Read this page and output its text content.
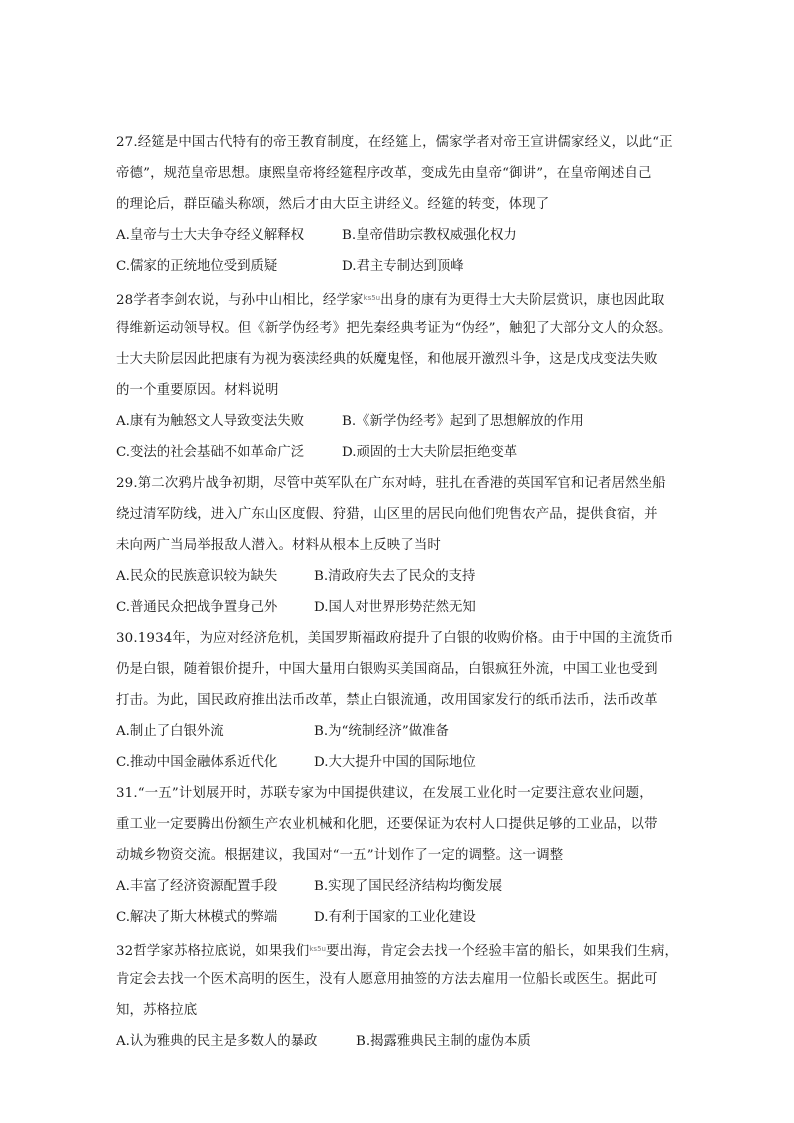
27.经筵是中国古代特有的帝王教育制度，在经筵上，儒家学者对帝王宣讲儒家经义，以此“正
帝德”，规范皇帝思想。康熙皇帝将经筵程序改革，变成先由皇帝“御讲”，在皇帝阐述自己
的理论后，群臣磕头称颂，然后才由大臣主讲经义。经筵的转变，体现了
A.皇帝与士大夫争夺经义解释权	B.皇帝借助宗教权威强化权力
C.儒家的正统地位受到质疑	D.君主专制达到顶峰
28学者李剑农说，与孙中山相比，经学家$^{ks5u}$出身的康有为更得士大夫阶层赏识，康也因此取
得维新运动领导权。但《新学伪经考》把先秦经典考证为“伪经”，触犯了大部分文人的众怒。
士大夫阶层因此把康有为视为亵渎经典的妖魔鬼怪，和他展开激烈斗争，这是戊戌变法失败
的一个重要原因。材料说明
A.康有为触怒文人导致变法失败	B.《新学伪经考》起到了思想解放的作用
C.变法的社会基础不如革命广泛	D.顽固的士大夫阶层拒绝变革
29.第二次鸦片战争初期，尽管中英军队在广东对峙，驻扎在香港的英国军官和记者居然坐船
绕过清军防线，进入广东山区度假、狩猎，山区里的居民向他们兜售农产品，提供食宿，并
未向两广当局举报敌人潜入。材料从根本上反映了当时
A.民众的民族意识较为缺失	B.清政府失去了民众的支持
C.普通民众把战争置身己外	D.国人对世界形势茫然无知
30.1934年，为应对经济危机，美国罗斯福政府提升了白银的收购价格。由于中国的主流货币
仍是白银，随着银价提升，中国大量用白银购买美国商品，白银疯狂外流，中国工业也受到
打击。为此，国民政府推出法币改革，禁止白银流通，改用国家发行的纸币法币，法币改革
A.制止了白银外流	B.为“统制经济”做准备
C.推动中国金融体系近代化	D.大大提升中国的国际地位
31.“一五”计划展开时，苏联专家为中国提供建议，在发展工业化时一定要注意农业问题，
重工业一定要腾出份额生产农业机械和化肥，还要保证为农村人口提供足够的工业品，以带
动城乡物资交流。根据建议，我国对“一五”计划作了一定的调整。这一调整
A.丰富了经济资源配置手段	B.实现了国民经济结构均衡发展
C.解决了斯大林模式的弊端	D.有利于国家的工业化建设
32哲学家苏格拉底说，如果我们$^{ks5u}$要出海，肯定会去找一个经验丰富的船长，如果我们生病，
肯定会去找一个医术高明的医生，没有人愿意用抽签的方法去雇用一位船长或医生。据此可
知，苏格拉底
A.认为雅典的民主是多数人的暴政	B.揭露雅典民主制的虚伪本质
